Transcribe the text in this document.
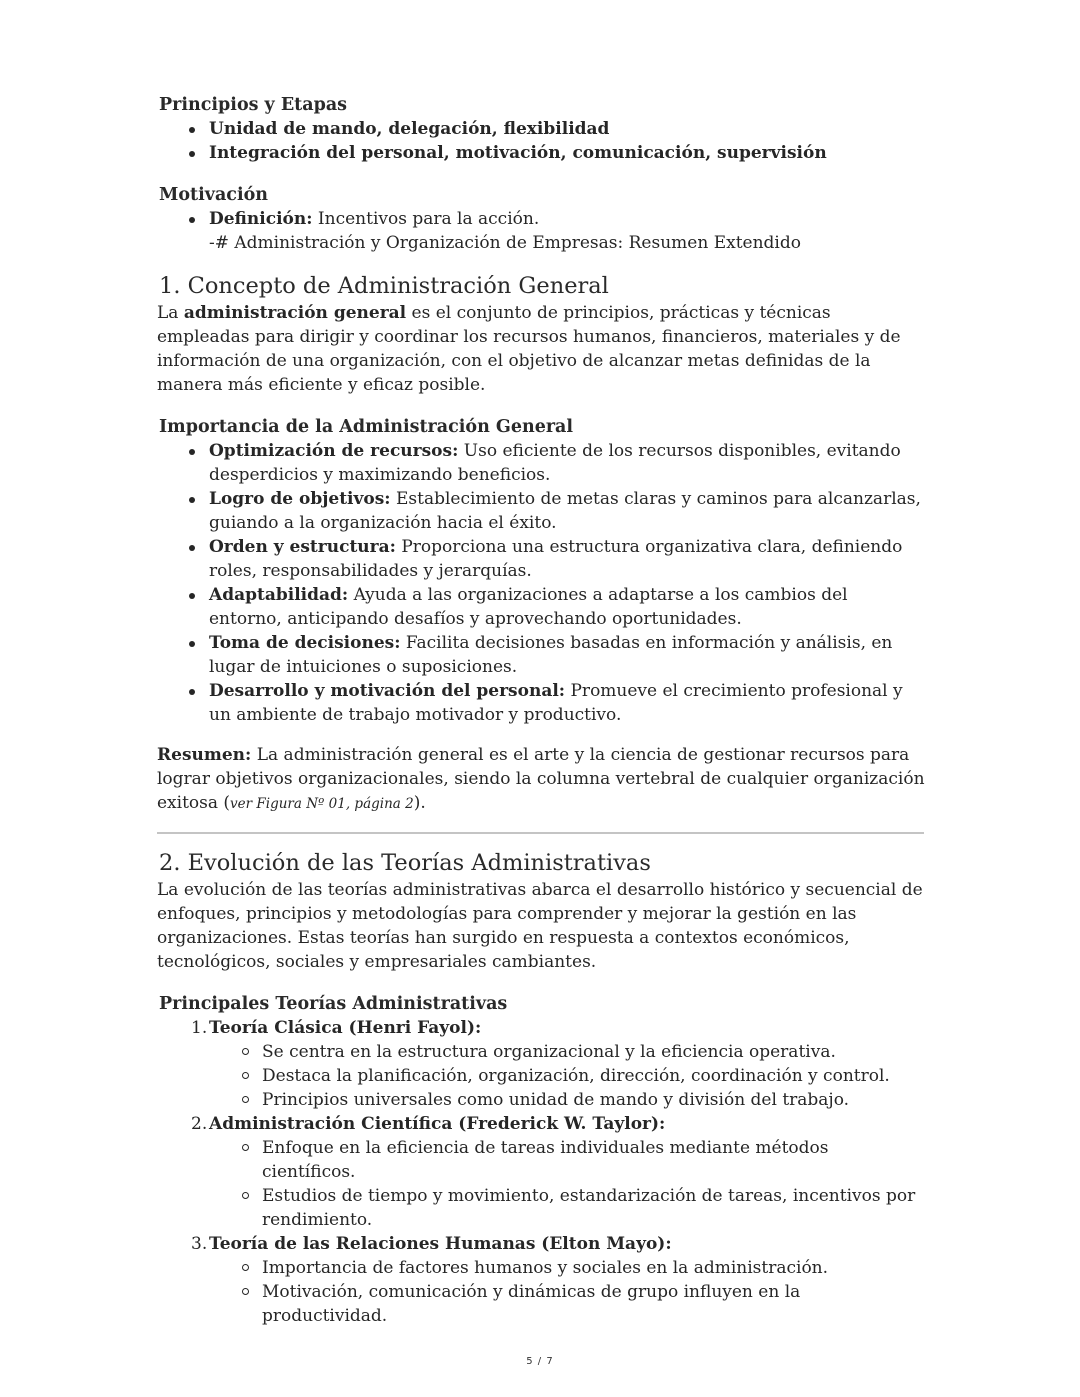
Principios y Etapas
Unidad de mando, delegación, flexibilidad
Integración del personal, motivación, comunicación, supervisión
Motivación
Definición: Incentivos para la acción.
-# Administración y Organización de Empresas: Resumen Extendido
1. Concepto de Administración General

La administración general es el conjunto de principios, prácticas y técnicas empleadas para dirigir y coordinar los recursos humanos, financieros, materiales y de información de una organización, con el objetivo de alcanzar metas definidas de la manera más eficiente y eficaz posible.

Importancia de la Administración General
Optimización de recursos: Uso eficiente de los recursos disponibles, evitando desperdicios y maximizando beneficios.
Logro de objetivos: Establecimiento de metas claras y caminos para alcanzarlas, guiando a la organización hacia el éxito.
Orden y estructura: Proporciona una estructura organizativa clara, definiendo roles, responsabilidades y jerarquías.
Adaptabilidad: Ayuda a las organizaciones a adaptarse a los cambios del entorno, anticipando desafíos y aprovechando oportunidades.
Toma de decisiones: Facilita decisiones basadas en información y análisis, en lugar de intuiciones o suposiciones.
Desarrollo y motivación del personal: Promueve el crecimiento profesional y un ambiente de trabajo motivador y productivo.

Resumen: La administración general es el arte y la ciencia de gestionar recursos para lograr objetivos organizacionales, siendo la columna vertebral de cualquier organización exitosa (ver Figura Nº 01, página 2).

2. Evolución de las Teorías Administrativas

La evolución de las teorías administrativas abarca el desarrollo histórico y secuencial de enfoques, principios y metodologías para comprender y mejorar la gestión en las organizaciones. Estas teorías han surgido en respuesta a contextos económicos, tecnológicos, sociales y empresariales cambiantes.

Principales Teorías Administrativas
1. Teoría Clásica (Henri Fayol):
Se centra en la estructura organizacional y la eficiencia operativa.
Destaca la planificación, organización, dirección, coordinación y control.
Principios universales como unidad de mando y división del trabajo.
2. Administración Científica (Frederick W. Taylor):
Enfoque en la eficiencia de tareas individuales mediante métodos científicos.
Estudios de tiempo y movimiento, estandarización de tareas, incentivos por rendimiento.
3. Teoría de las Relaciones Humanas (Elton Mayo):
Importancia de factores humanos y sociales en la administración.
Motivación, comunicación y dinámicas de grupo influyen en la productividad.
5 / 7
